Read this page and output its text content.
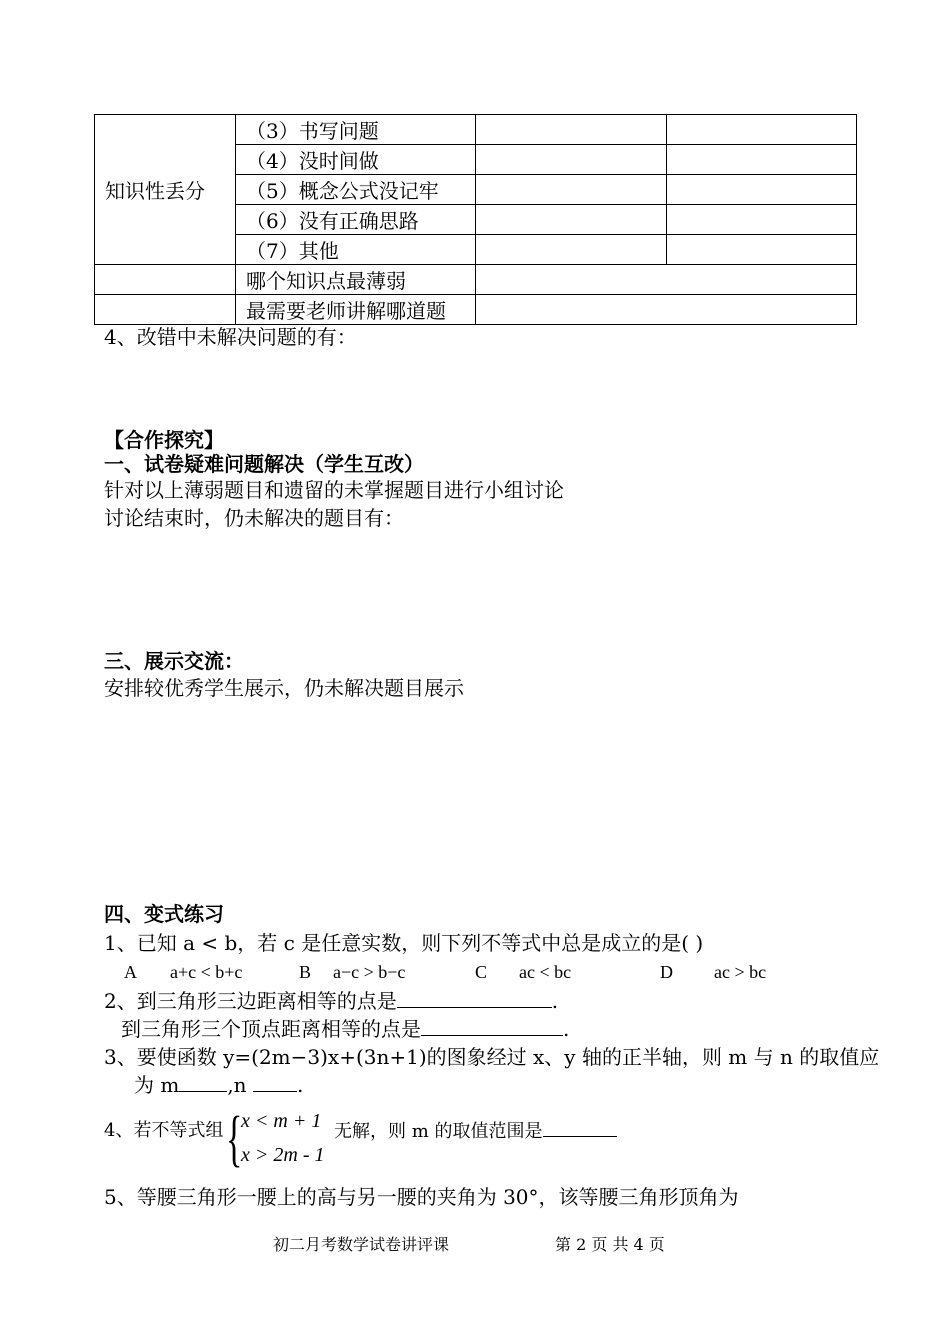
知识性丢分	（3）书写问题		
	（4）没时间做		
	（5）概念公式没记牢		
	（6）没有正确思路		
	（7）其他		
	哪个知识点最薄弱		
	最需要老师讲解哪道题		
4、改错中未解决问题的有：
【合作探究】
一、试卷疑难问题解决（学生互改）
针对以上薄弱题目和遗留的未掌握题目进行小组讨论
讨论结束时，仍未解决的题目有：
三、展示交流：
安排较优秀学生展示，仍未解决题目展示
四、变式练习
1、已知 a < b，若 c 是任意实数，则下列不等式中总是成立的是( )
A a+c < b+c	B a−c > b−c	C ac < bc	D ac > bc
2、到三角形三边距离相等的点是	.
到三角形三个顶点距离相等的点是	.
3、要使函数 y=(2m−3)x+(3n+1)的图象经过 x、y 轴的正半轴，则 m 与 n 的取值应
为 m ,n .
4、若不等式组 {
x < m + 1
x > 2m - 1
无解，则 m 的取值范围是
5、等腰三角形一腰上的高与另一腰的夹角为 30°，该等腰三角形顶角为
初二月考数学试卷讲评课	第 2 页 共 4 页
